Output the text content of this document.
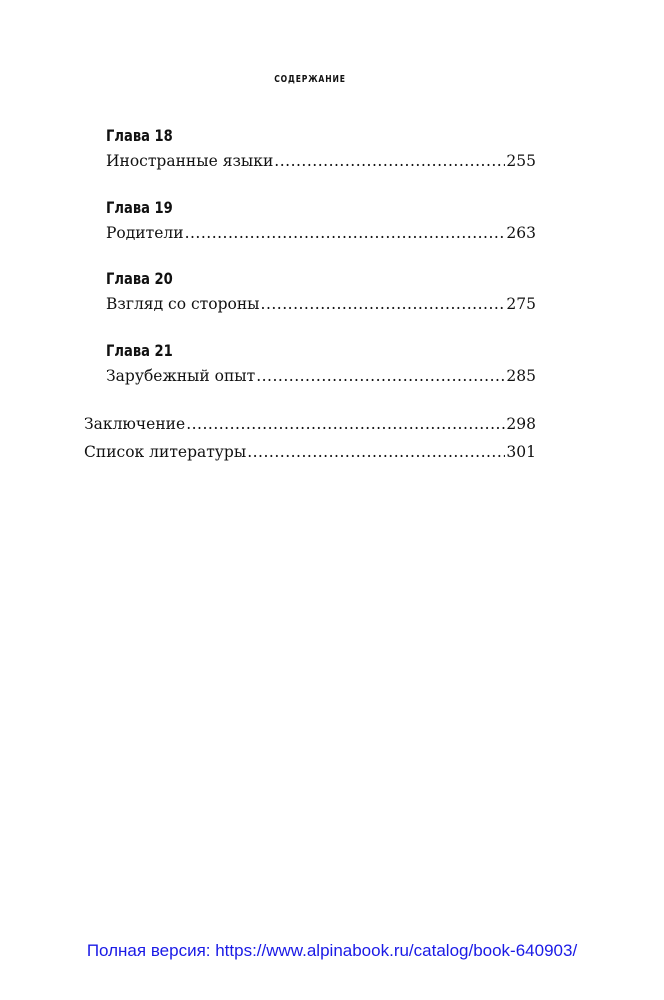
СОДЕРЖАНИЕ
Глава 18
Иностранные языки .....	255
Глава 19
Родители .....	263
Глава 20
Взгляд со стороны .....	275
Глава 21
Зарубежный опыт .....	285
Заключение .....	298
Список литературы .....	301
Полная версия: https://www.alpinabook.ru/catalog/book-640903/
